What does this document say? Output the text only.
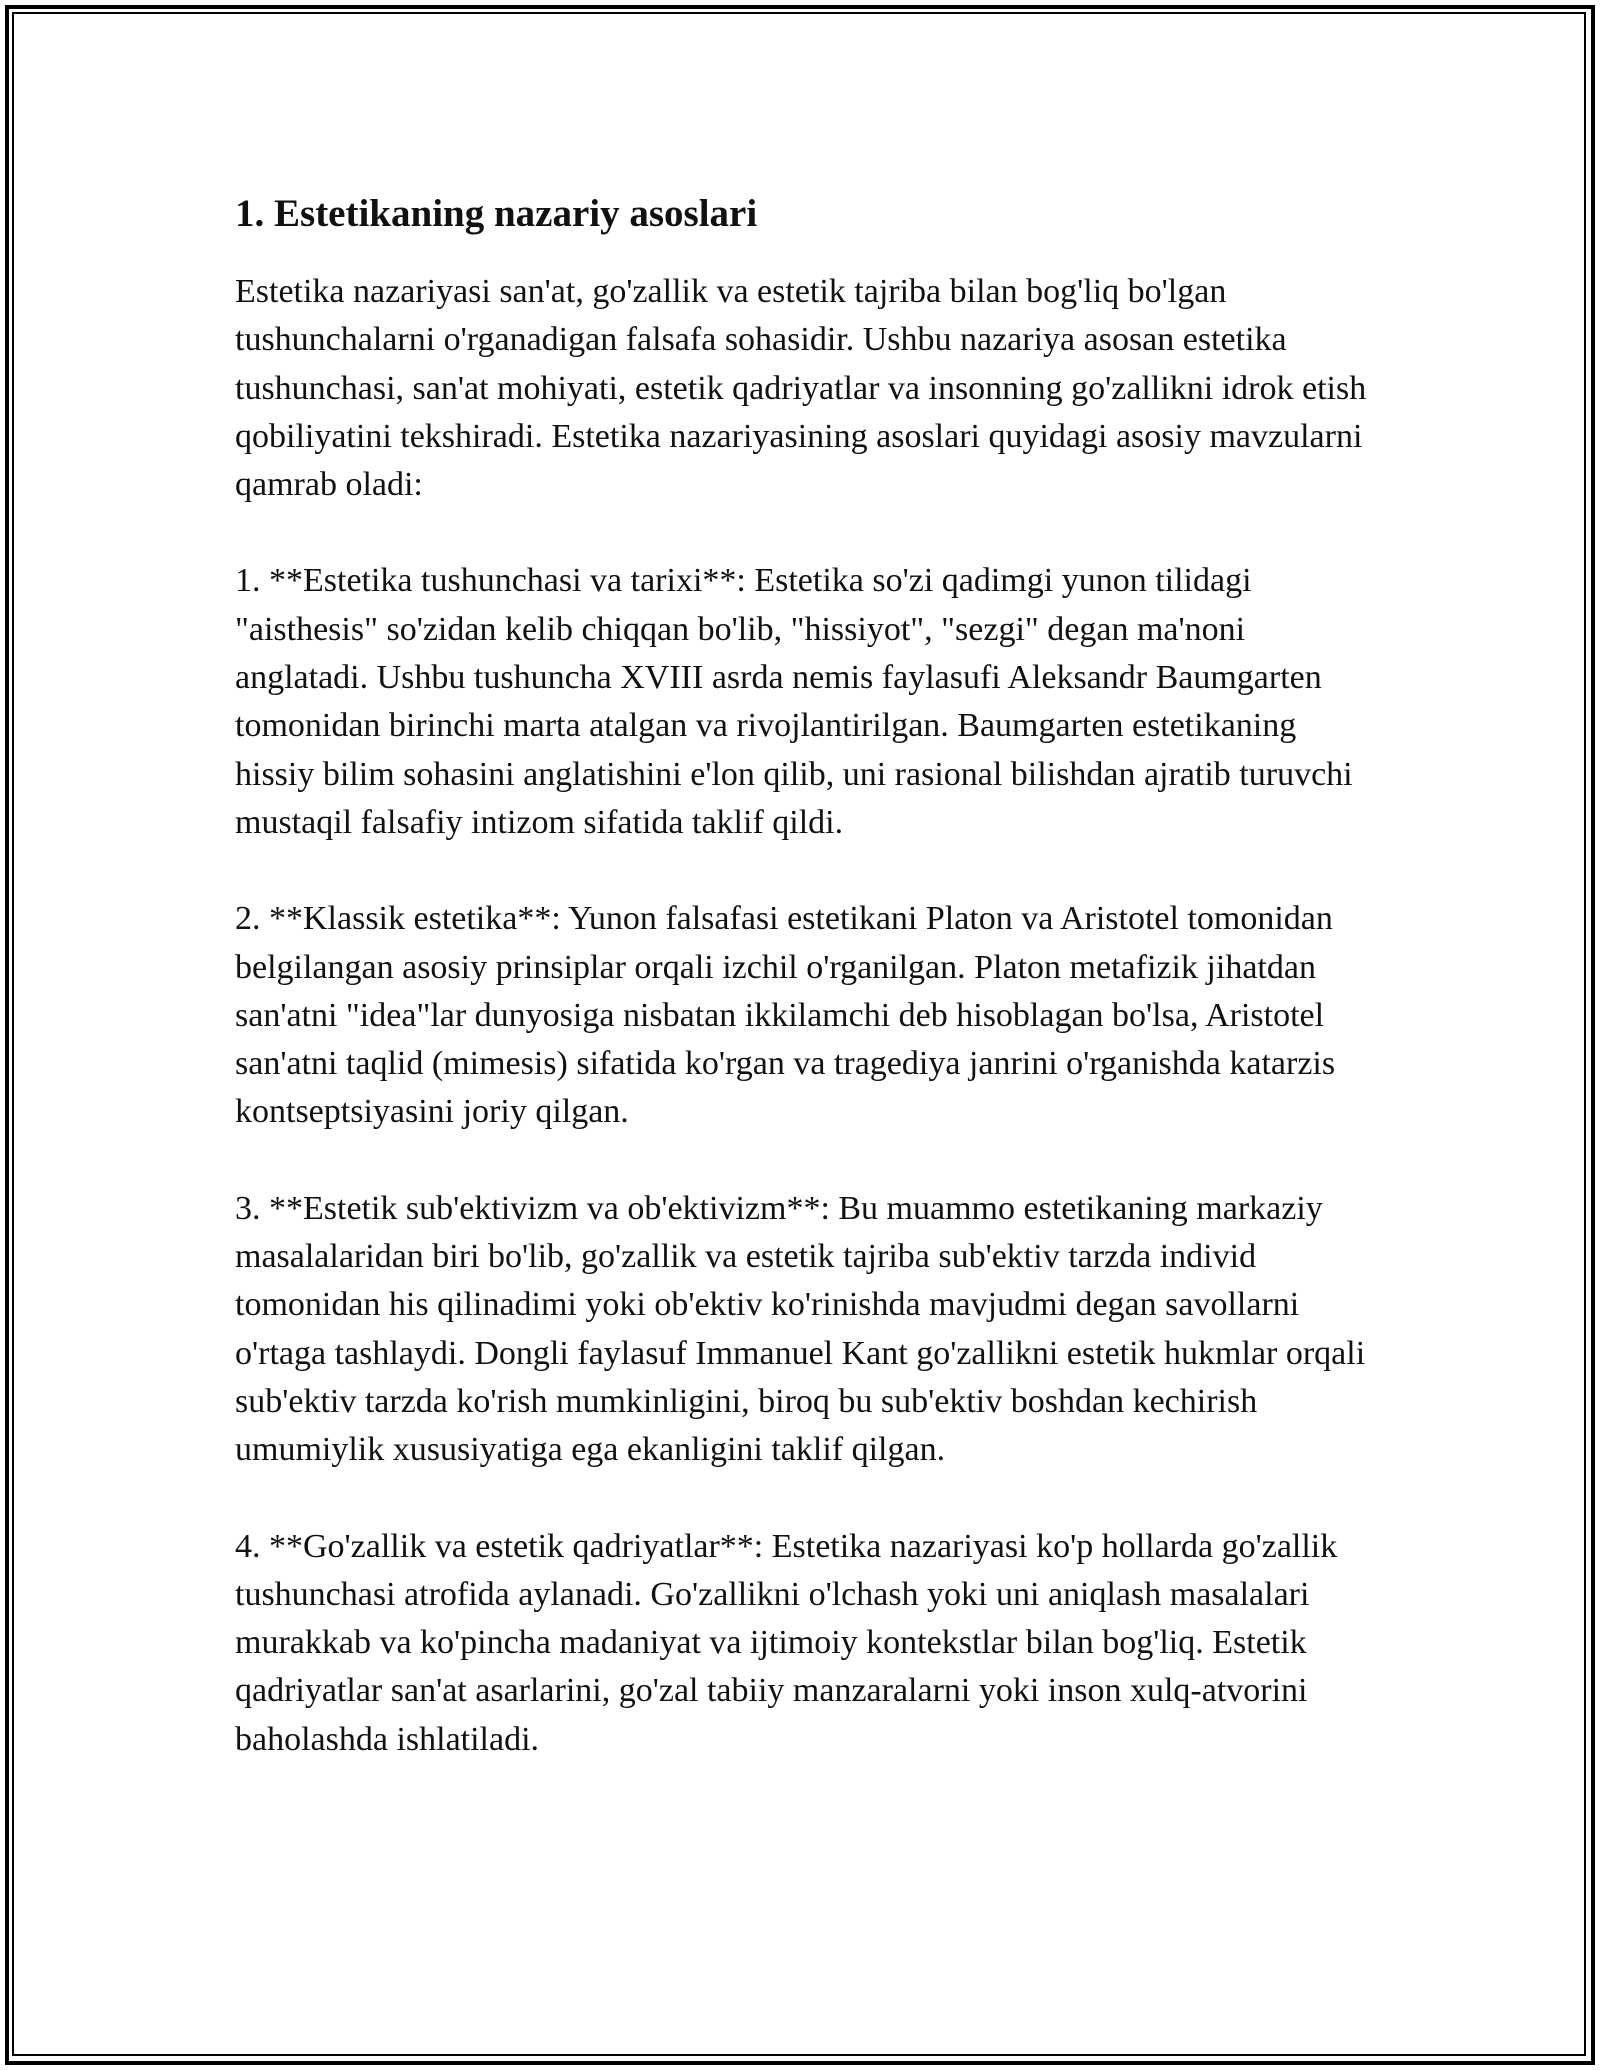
1. Estetikaning nazariy asoslari

Estetika nazariyasi san'at, go'zallik va estetik tajriba bilan bog'liq bo'lgan tushunchalarni o'rganadigan falsafa sohasidir. Ushbu nazariya asosan estetika tushunchasi, san'at mohiyati, estetik qadriyatlar va insonning go'zallikni idrok etish qobiliyatini tekshiradi. Estetika nazariyasining asoslari quyidagi asosiy mavzularni qamrab oladi:

1. **Estetika tushunchasi va tarixi**: Estetika so'zi qadimgi yunon tilidagi "aisthesis" so'zidan kelib chiqqan bo'lib, "hissiyot", "sezgi" degan ma'noni anglatadi. Ushbu tushuncha XVIII asrda nemis faylasufi Aleksandr Baumgarten tomonidan birinchi marta atalgan va rivojlantirilgan. Baumgarten estetikaning hissiy bilim sohasini anglatishini e'lon qilib, uni rasional bilishdan ajratib turuvchi mustaqil falsafiy intizom sifatida taklif qildi.

2. **Klassik estetika**: Yunon falsafasi estetikani Platon va Aristotel tomonidan belgilangan asosiy prinsiplar orqali izchil o'rganilgan. Platon metafizik jihatdan san'atni "idea"lar dunyosiga nisbatan ikkilamchi deb hisoblagan bo'lsa, Aristotel san'atni taqlid (mimesis) sifatida ko'rgan va tragediya janrini o'rganishda katarzis kontseptsiyasini joriy qilgan.

3. **Estetik sub'ektivizm va ob'ektivizm**: Bu muammo estetikaning markaziy masalalaridan biri bo'lib, go'zallik va estetik tajriba sub'ektiv tarzda individ tomonidan his qilinadimi yoki ob'ektiv ko'rinishda mavjudmi degan savollarni o'rtaga tashlaydi. Dongli faylasuf Immanuel Kant go'zallikni estetik hukmlar orqali sub'ektiv tarzda ko'rish mumkinligini, biroq bu sub'ektiv boshdan kechirish umumiylik xususiyatiga ega ekanligini taklif qilgan.

4. **Go'zallik va estetik qadriyatlar**: Estetika nazariyasi ko'p hollarda go'zallik tushunchasi atrofida aylanadi. Go'zallikni o'lchash yoki uni aniqlash masalalari murakkab va ko'pincha madaniyat va ijtimoiy kontekstlar bilan bog'liq. Estetik qadriyatlar san'at asarlarini, go'zal tabiiy manzaralarni yoki inson xulq-atvorini baholashda ishlatiladi.
